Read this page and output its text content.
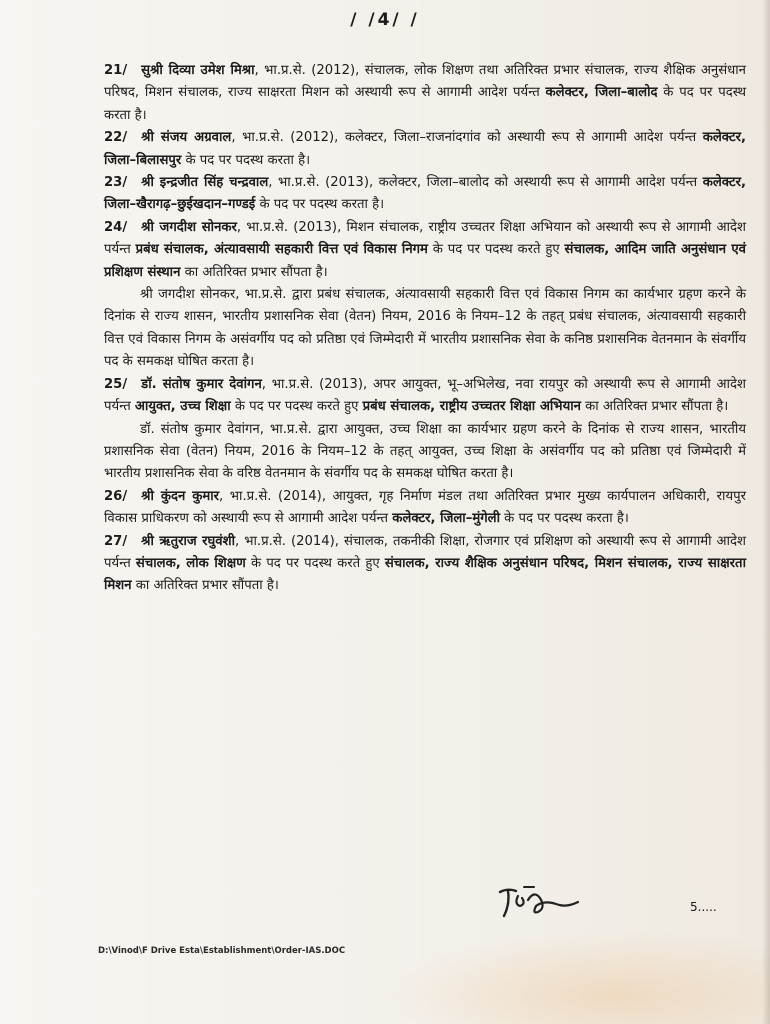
/ /4/ /

21/ सुश्री दिव्या उमेश मिश्रा, भा.प्र.से. (2012), संचालक, लोक शिक्षण तथा अतिरिक्त प्रभार संचालक, राज्य शैक्षिक अनुसंधान परिषद, मिशन संचालक, राज्य साक्षरता मिशन को अस्थायी रूप से आगामी आदेश पर्यन्त कलेक्टर, जिला–बालोद के पद पर पदस्थ करता है।

22/ श्री संजय अग्रवाल, भा.प्र.से. (2012), कलेक्टर, जिला–राजनांदगांव को अस्थायी रूप से आगामी आदेश पर्यन्त कलेक्टर, जिला–बिलासपुर के पद पर पदस्थ करता है।

23/ श्री इन्द्रजीत सिंह चन्द्रवाल, भा.प्र.से. (2013), कलेक्टर, जिला–बालोद को अस्थायी रूप से आगामी आदेश पर्यन्त कलेक्टर, जिला–खैरागढ़–छुईखदान–गण्डई के पद पर पदस्थ करता है।

24/ श्री जगदीश सोनकर, भा.प्र.से. (2013), मिशन संचालक, राष्ट्रीय उच्चतर शिक्षा अभियान को अस्थायी रूप से आगामी आदेश पर्यन्त प्रबंध संचालक, अंत्यावसायी सहकारी वित्त एवं विकास निगम के पद पर पदस्थ करते हुए संचालक, आदिम जाति अनुसंधान एवं प्रशिक्षण संस्थान का अतिरिक्त प्रभार सौंपता है।

श्री जगदीश सोनकर, भा.प्र.से. द्वारा प्रबंध संचालक, अंत्यावसायी सहकारी वित्त एवं विकास निगम का कार्यभार ग्रहण करने के दिनांक से राज्य शासन, भारतीय प्रशासनिक सेवा (वेतन) नियम, 2016 के नियम–12 के तहत् प्रबंध संचालक, अंत्यावसायी सहकारी वित्त एवं विकास निगम के असंवर्गीय पद को प्रतिष्ठा एवं जिम्मेदारी में भारतीय प्रशासनिक सेवा के कनिष्ठ प्रशासनिक वेतनमान के संवर्गीय पद के समकक्ष घोषित करता है।

25/ डॉ. संतोष कुमार देवांगन, भा.प्र.से. (2013), अपर आयुक्त, भू–अभिलेख, नवा रायपुर को अस्थायी रूप से आगामी आदेश पर्यन्त आयुक्त, उच्च शिक्षा के पद पर पदस्थ करते हुए प्रबंध संचालक, राष्ट्रीय उच्चतर शिक्षा अभियान का अतिरिक्त प्रभार सौंपता है।

डॉ. संतोष कुमार देवांगन, भा.प्र.से. द्वारा आयुक्त, उच्च शिक्षा का कार्यभार ग्रहण करने के दिनांक से राज्य शासन, भारतीय प्रशासनिक सेवा (वेतन) नियम, 2016 के नियम–12 के तहत् आयुक्त, उच्च शिक्षा के असंवर्गीय पद को प्रतिष्ठा एवं जिम्मेदारी में भारतीय प्रशासनिक सेवा के वरिष्ठ वेतनमान के संवर्गीय पद के समकक्ष घोषित करता है।

26/ श्री कुंदन कुमार, भा.प्र.से. (2014), आयुक्त, गृह निर्माण मंडल तथा अतिरिक्त प्रभार मुख्य कार्यपालन अधिकारी, रायपुर विकास प्राधिकरण को अस्थायी रूप से आगामी आदेश पर्यन्त कलेक्टर, जिला–मुंगेली के पद पर पदस्थ करता है।

27/ श्री ऋतुराज रघुवंशी, भा.प्र.से. (2014), संचालक, तकनीकी शिक्षा, रोजगार एवं प्रशिक्षण को अस्थायी रूप से आगामी आदेश पर्यन्त संचालक, लोक शिक्षण के पद पर पदस्थ करते हुए संचालक, राज्य शैक्षिक अनुसंधान परिषद, मिशन संचालक, राज्य साक्षरता मिशन का अतिरिक्त प्रभार सौंपता है।

5.....
D:\Vinod\F Drive Esta\Establishment\Order-IAS.DOC
